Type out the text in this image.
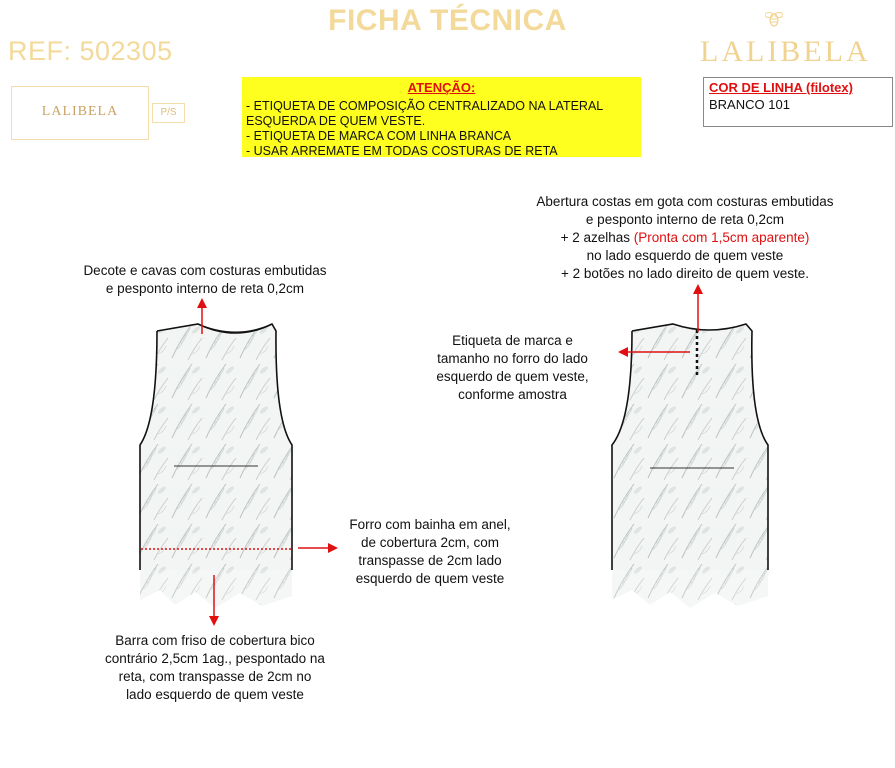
FICHA TÉCNICA
REF: 502305	LALIBELA
LALIBELA	P/S
ATENÇÃO:
- ETIQUETA DE COMPOSIÇÃO CENTRALIZADO NA LATERAL
ESQUERDA DE QUEM VESTE.
- ETIQUETA DE MARCA COM LINHA BRANCA
- USAR ARREMATE EM TODAS COSTURAS DE RETA
COR DE LINHA (filotex)
BRANCO 101
Decote e cavas com costuras embutidas
e pesponto interno de reta 0,2cm
Forro com bainha em anel,
de cobertura 2cm, com
transpasse de 2cm lado
esquerdo de quem veste
Barra com friso de cobertura bico
contrário 2,5cm 1ag., pespontado na
reta, com transpasse de 2cm no
lado esquerdo de quem veste
Abertura costas em gota com costuras embutidas
e pesponto interno de reta 0,2cm
+ 2 azelhas (Pronta com 1,5cm aparente)
no lado esquerdo de quem veste
+ 2 botões no lado direito de quem veste.
Etiqueta de marca e
tamanho no forro do lado
esquerdo de quem veste,
conforme amostra
